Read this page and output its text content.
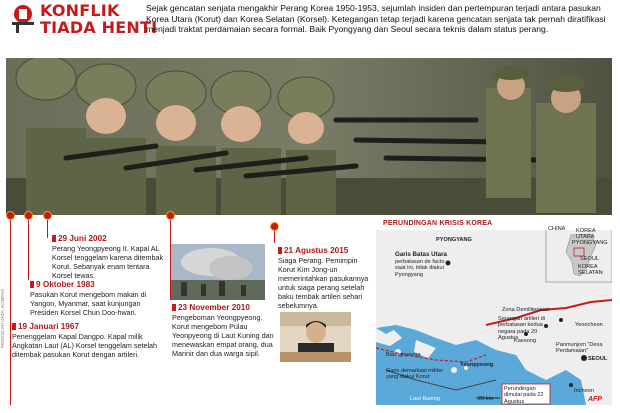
KONFLIK
TIADA HENTI

Sejak gencatan senjata mengakhir Perang Korea 1950-1953, sejumlah insiden dan pertempuran terjadi antara pasukan Korea Utara (Korut) dan Korea Selatan (Korsel). Ketegangan tetap terjadi karena gencatan senjata tak pernah diratifikasi menjadi traktat perdamaian secara formal. Baik Pyongyang dan Seoul secara teknis dalam status perang.

PENGOLAH DATA: KOMPAS
29 Juni 2002
Perang Yeongpyeong II. Kapal AL Korsel tenggelam karena ditembak Korut. Sebanyak enam tentara Korsel tewas.
9 Oktober 1983
Pasukan Korut mengebom makan di Yangon, Myanmar, saat kunjungan Presiden Korsel Chun Doo-hwan.
19 Januari 1967
Penenggelam Kapal Dangpo. Kapal milik Angkatan Laut (AL) Korsel tenggelam setelah ditembak pasukan Korut dengan artileri.
23 November 2010
Pengeboman Yeongpyeong. Korut mengebom Pulau Yeonpyeong di Laut Kuning dan menewaskan empat orang, dua Marinir dan dua warga sipil.
21 Agustus 2015
Siaga Perang. Pemimpin Korut Kim Jong-un memerintahkan pasukannya untuk siaga perang setelah baku tembak artileri sehari sebelumnya.
PERUNDINGAN KRISIS KOREA
PYONGYANG
Garis Batas Utara
perbatasan de facto saat ini, tidak diakui Pyongyang
Zona Demiliterisasi
Serangan artileri di perbatasan kedua negara pada 20 Agustus
Yeoncheon
Panmunjom "Desa Perdamaian"
Kaesong
Baengnyeong
Garis demarkasi militer yang diakui Korut
Yeonpyeong
Laut Kuning
Perundingan dimulai pada 22 Agustus
SEOUL
Incheon
20 km
CHINA KOREA UTARA
PYONGYANG
SEOUL
KOREA SELATAN
AFP
